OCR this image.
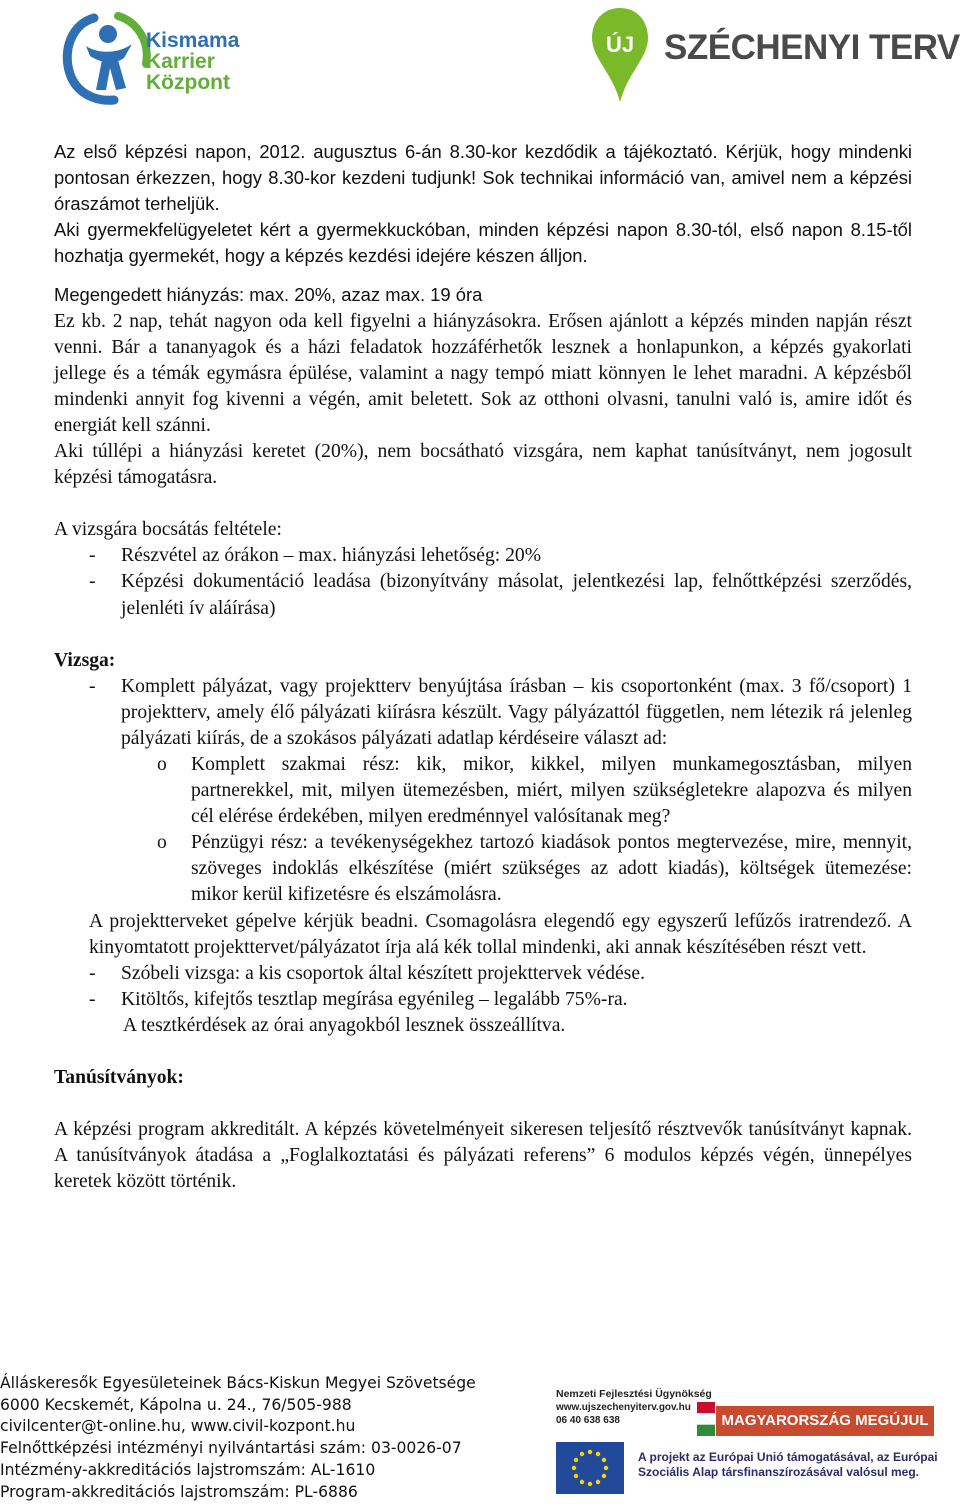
Kismama
Karrier
Központ
ÚJ SZÉCHENYI TERV

Az első képzési napon, 2012. augusztus 6-án 8.30-kor kezdődik a tájékoztató. Kérjük, hogy mindenki pontosan érkezzen, hogy 8.30-kor kezdeni tudjunk! Sok technikai információ van, amivel nem a képzési óraszámot terheljük.

Aki gyermekfelügyeletet kért a gyermekkuckóban, minden képzési napon 8.30-tól, első napon 8.15-től hozhatja gyermekét, hogy a képzés kezdési idejére készen álljon.

Megengedett hiányzás: max. 20%, azaz max. 19 óra

Ez kb. 2 nap, tehát nagyon oda kell figyelni a hiányzásokra. Erősen ajánlott a képzés minden napján részt venni. Bár a tananyagok és a házi feladatok hozzáférhetők lesznek a honlapunkon, a képzés gyakorlati jellege és a témák egymásra épülése, valamint a nagy tempó miatt könnyen le lehet maradni. A képzésből mindenki annyit fog kivenni a végén, amit beletett. Sok az otthoni olvasni, tanulni való is, amire időt és energiát kell szánni.

Aki túllépi a hiányzási keretet (20%), nem bocsátható vizsgára, nem kaphat tanúsítványt, nem jogosult képzési támogatásra.

A vizsgára bocsátás feltétele:

- Részvétel az órákon – max. hiányzási lehetőség: 20%
- Képzési dokumentáció leadása (bizonyítvány másolat, jelentkezési lap, felnőttképzési szerződés, jelenléti ív aláírása)

Vizsga:

- Komplett pályázat, vagy projektterv benyújtása írásban – kis csoportonként (max. 3 fő/csoport) 1 projektterv, amely élő pályázati kiírásra készült. Vagy pályázattól független, nem létezik rá jelenleg pályázati kiírás, de a szokásos pályázati adatlap kérdéseire választ ad:
o Komplett szakmai rész: kik, mikor, kikkel, milyen munkamegosztásban, milyen partnerekkel, mit, milyen ütemezésben, miért, milyen szükségletekre alapozva és milyen cél elérése érdekében, milyen eredménnyel valósítanak meg?
o Pénzügyi rész: a tevékenységekhez tartozó kiadások pontos megtervezése, mire, mennyit, szöveges indoklás elkészítése (miért szükséges az adott kiadás), költségek ütemezése: mikor kerül kifizetésre és elszámolásra.
A projektterveket gépelve kérjük beadni. Csomagolásra elegendő egy egyszerű lefűzős iratrendező. A kinyomtatott projekttervet/pályázatot írja alá kék tollal mindenki, aki annak készítésében részt vett.
- Szóbeli vizsga: a kis csoportok által készített projekttervek védése.
- Kitöltős, kifejtős tesztlap megírása egyénileg – legalább 75%-ra.
A tesztkérdések az órai anyagokból lesznek összeállítva.

Tanúsítványok:

A képzési program akkreditált. A képzés követelményeit sikeresen teljesítő résztvevők tanúsítványt kapnak. A tanúsítványok átadása a „Foglalkoztatási és pályázati referens” 6 modulos képzés végén, ünnepélyes keretek között történik.

Álláskeresők Egyesületeinek Bács-Kiskun Megyei Szövetsége
6000 Kecskemét, Kápolna u. 24., 76/505-988
civilcenter@t-online.hu, www.civil-kozpont.hu
Felnőttképzési intézményi nyilvántartási szám: 03-0026-07
Intézmény-akkreditációs lajstromszám: AL-1610
Program-akkreditációs lajstromszám: PL-6886
Nemzeti Fejlesztési Ügynökség
www.ujszechenyiterv.gov.hu
06 40 638 638	MAGYARORSZÁG MEGÚJUL
A projekt az Európai Unió támogatásával, az Európai
Szociális Alap társfinanszírozásával valósul meg.
